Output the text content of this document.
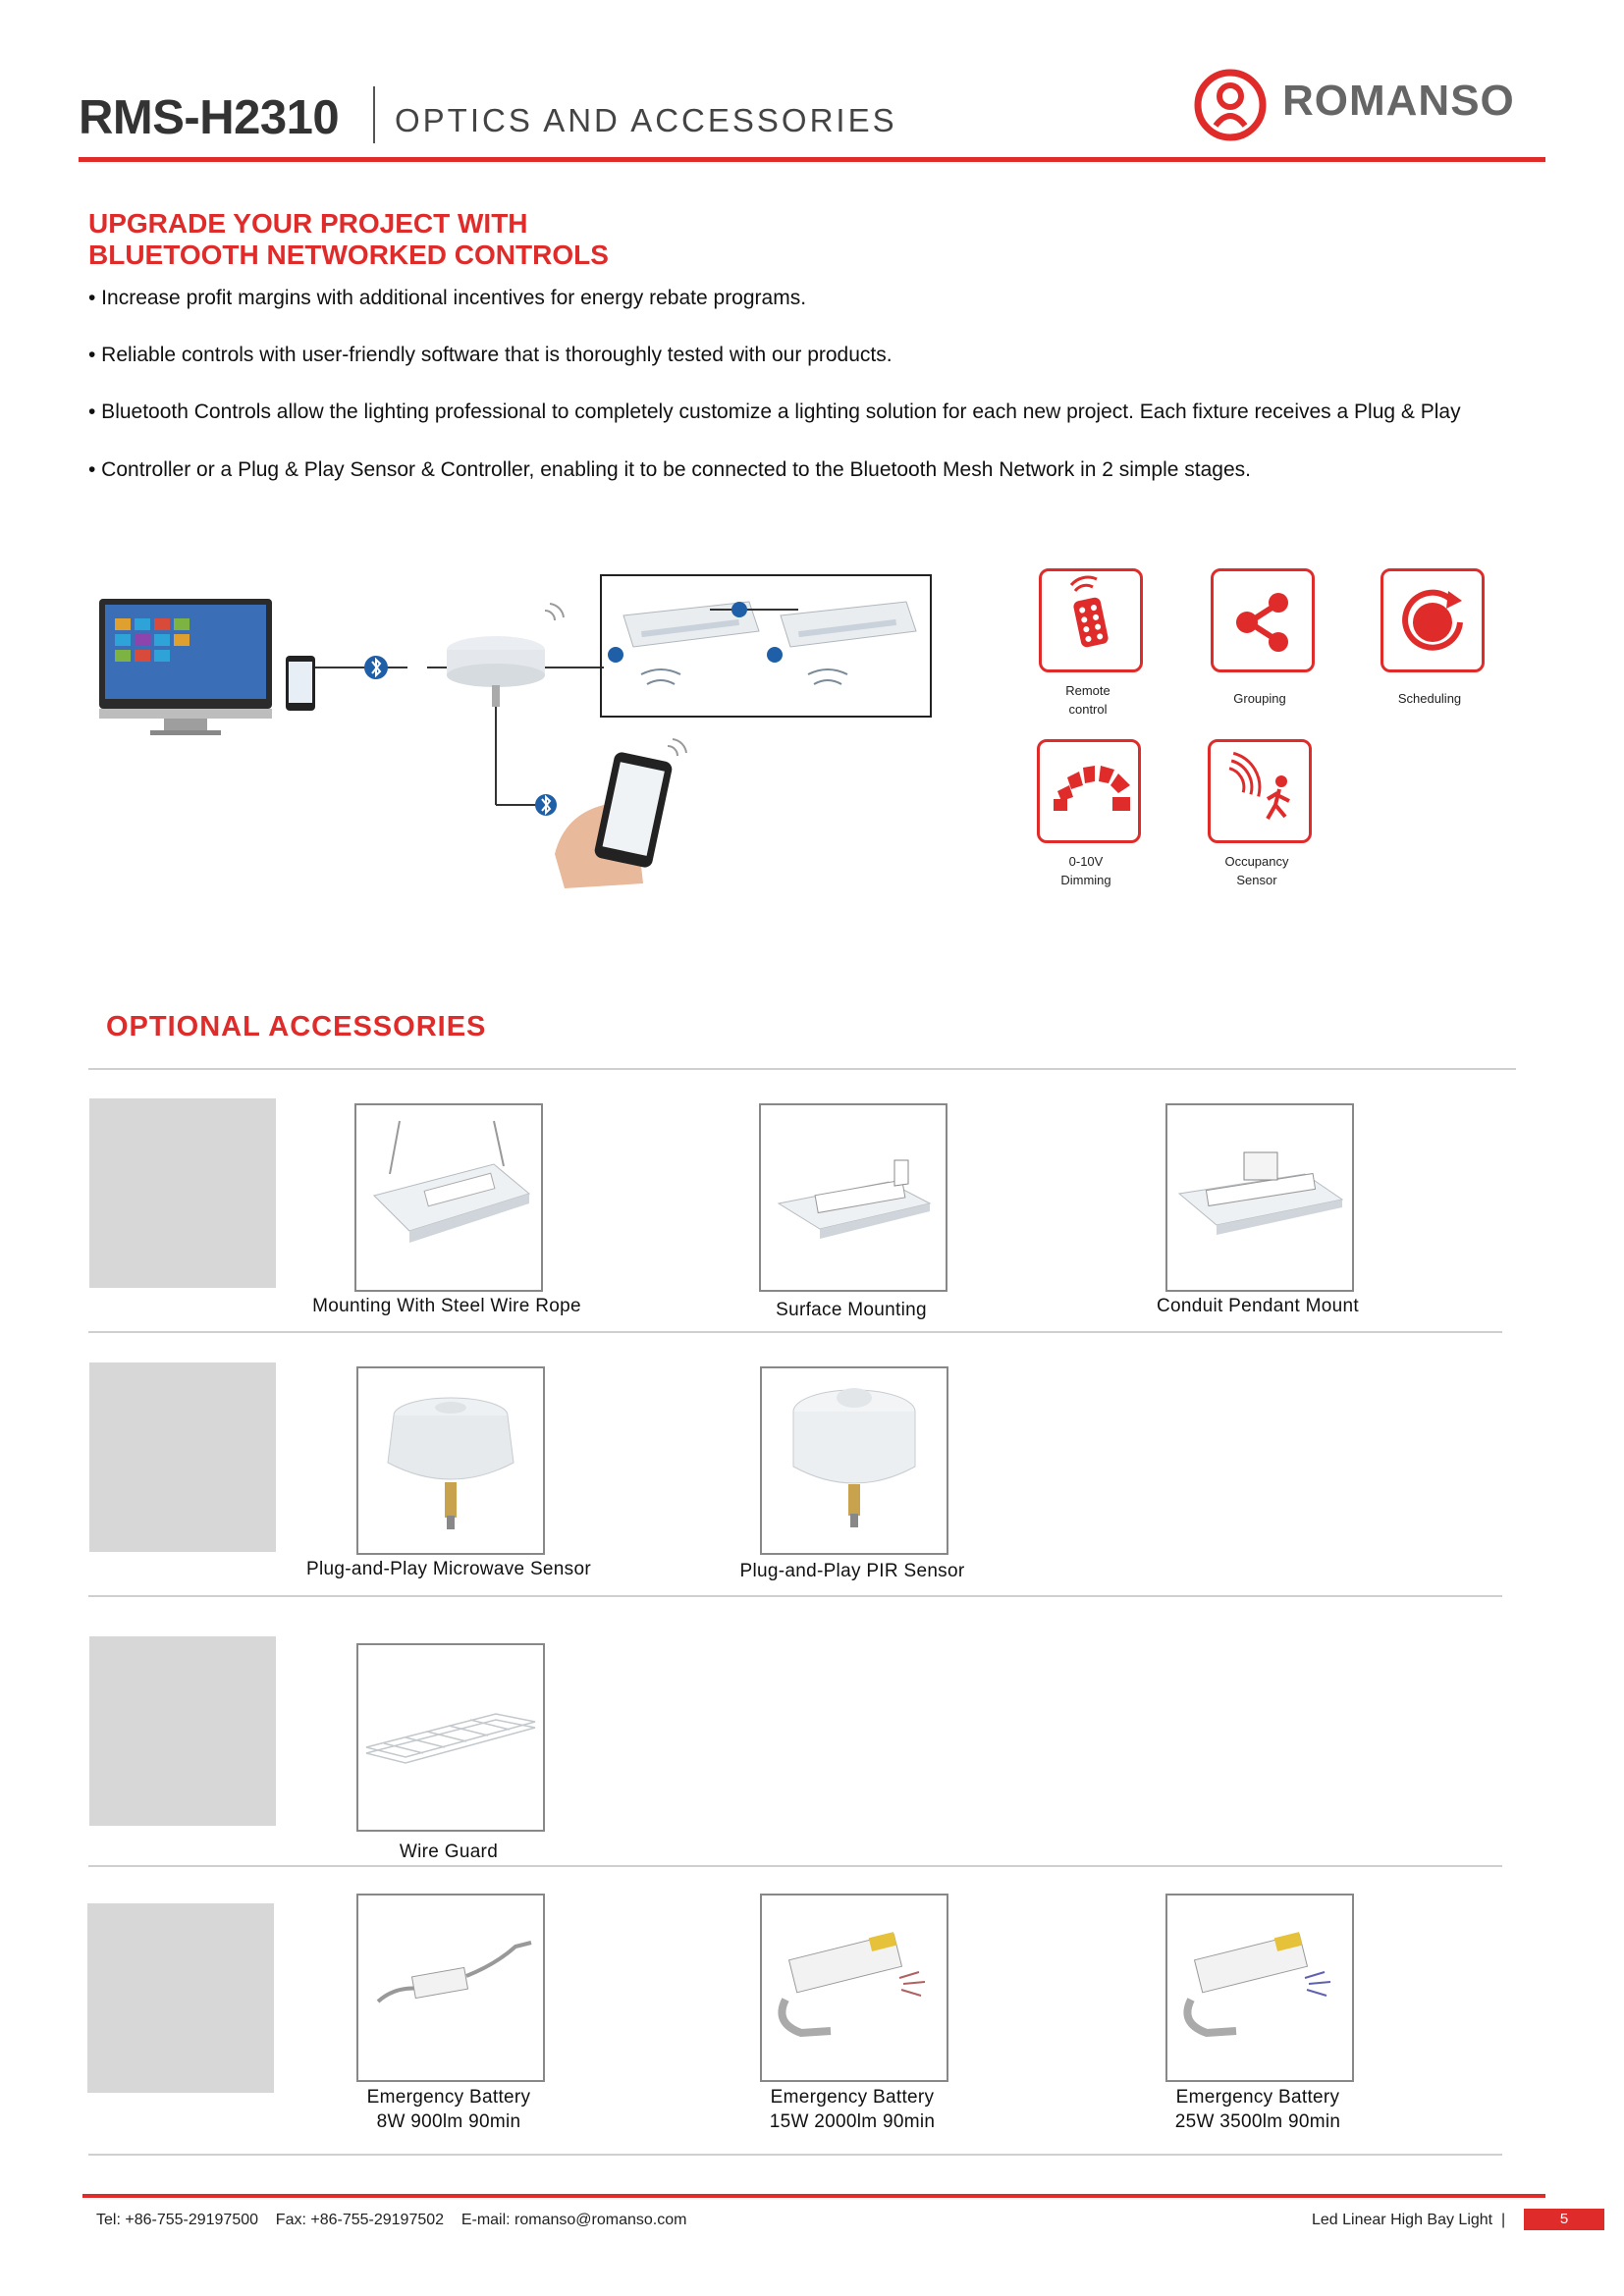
RMS-H2310 OPTICS AND ACCESSORIES	ROMANSO
UPGRADE YOUR PROJECT WITH
BLUETOOTH NETWORKED CONTROLS
• Increase profit margins with additional incentives for energy rebate programs.
• Reliable controls with user-friendly software that is thoroughly tested with our products.
• Bluetooth Controls allow the lighting professional to completely customize a lighting solution for each new project. Each fixture receives a Plug & Play
• Controller or a Plug & Play Sensor & Controller, enabling it to be connected to the Bluetooth Mesh Network in 2 simple stages.
Remote
control
Grouping	Scheduling
0-10V
Dimming
Occupancy
Sensor
OPTIONAL ACCESSORIES
Mounting With Steel Wire Rope	Surface Mounting	Conduit Pendant Mount
Plug-and-Play Microwave Sensor	Plug-and-Play PIR Sensor
Wire Guard
Emergency Battery
8W 900lm 90min
Emergency Battery
15W 2000lm 90min
Emergency Battery
25W 3500lm 90min
Tel: +86-755-29197500    Fax: +86-755-29197502    E-mail: romanso@romanso.com	Led Linear High Bay Light  |	5
